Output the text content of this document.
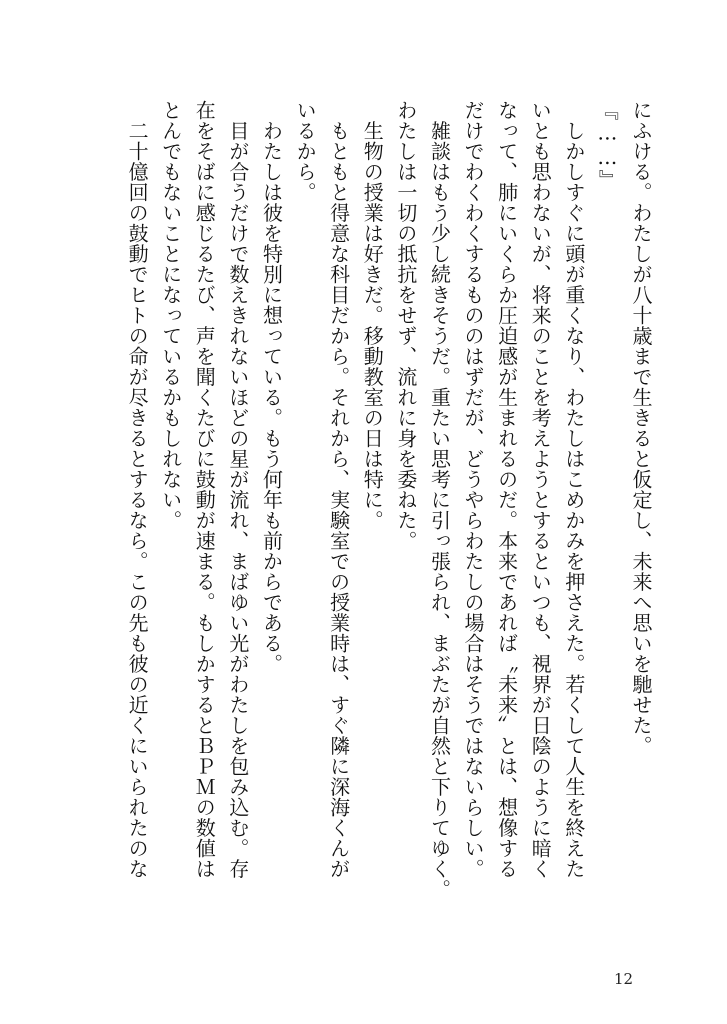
にふける。わたしが八十歳まで生きると仮定し、未来へ思いを馳せた。
『……』
　しかしすぐに頭が重くなり、わたしはこめかみを押さえた。若くして人生を終えた
いとも思わないが、将来のことを考えようとするといつも、視界が日陰のように暗く
なって、肺にいくらか圧迫感が生まれるのだ。本来であれば〝未来〟とは、想像する
だけでわくわくするもののはずだが、どうやらわたしの場合はそうではないらしい。
　雑談はもう少し続きそうだ。重たい思考に引っ張られ、まぶたが自然と下りてゆく。
わたしは一切の抵抗をせず、流れに身を委ねた。
　生物の授業は好きだ。移動教室の日は特に。
　もともと得意な科目だから。それから、実験室での授業時は、すぐ隣に深海くんが
いるから。
　わたしは彼を特別に想っている。もう何年も前からである。
　目が合うだけで数えきれないほどの星が流れ、まばゆい光がわたしを包み込む。存
在をそばに感じるたび、声を聞くたびに鼓動が速まる。もしかするとＢＰＭの数値は
とんでもないことになっているかもしれない。
　二十億回の鼓動でヒトの命が尽きるとするなら。この先も彼の近くにいられたのな
12
